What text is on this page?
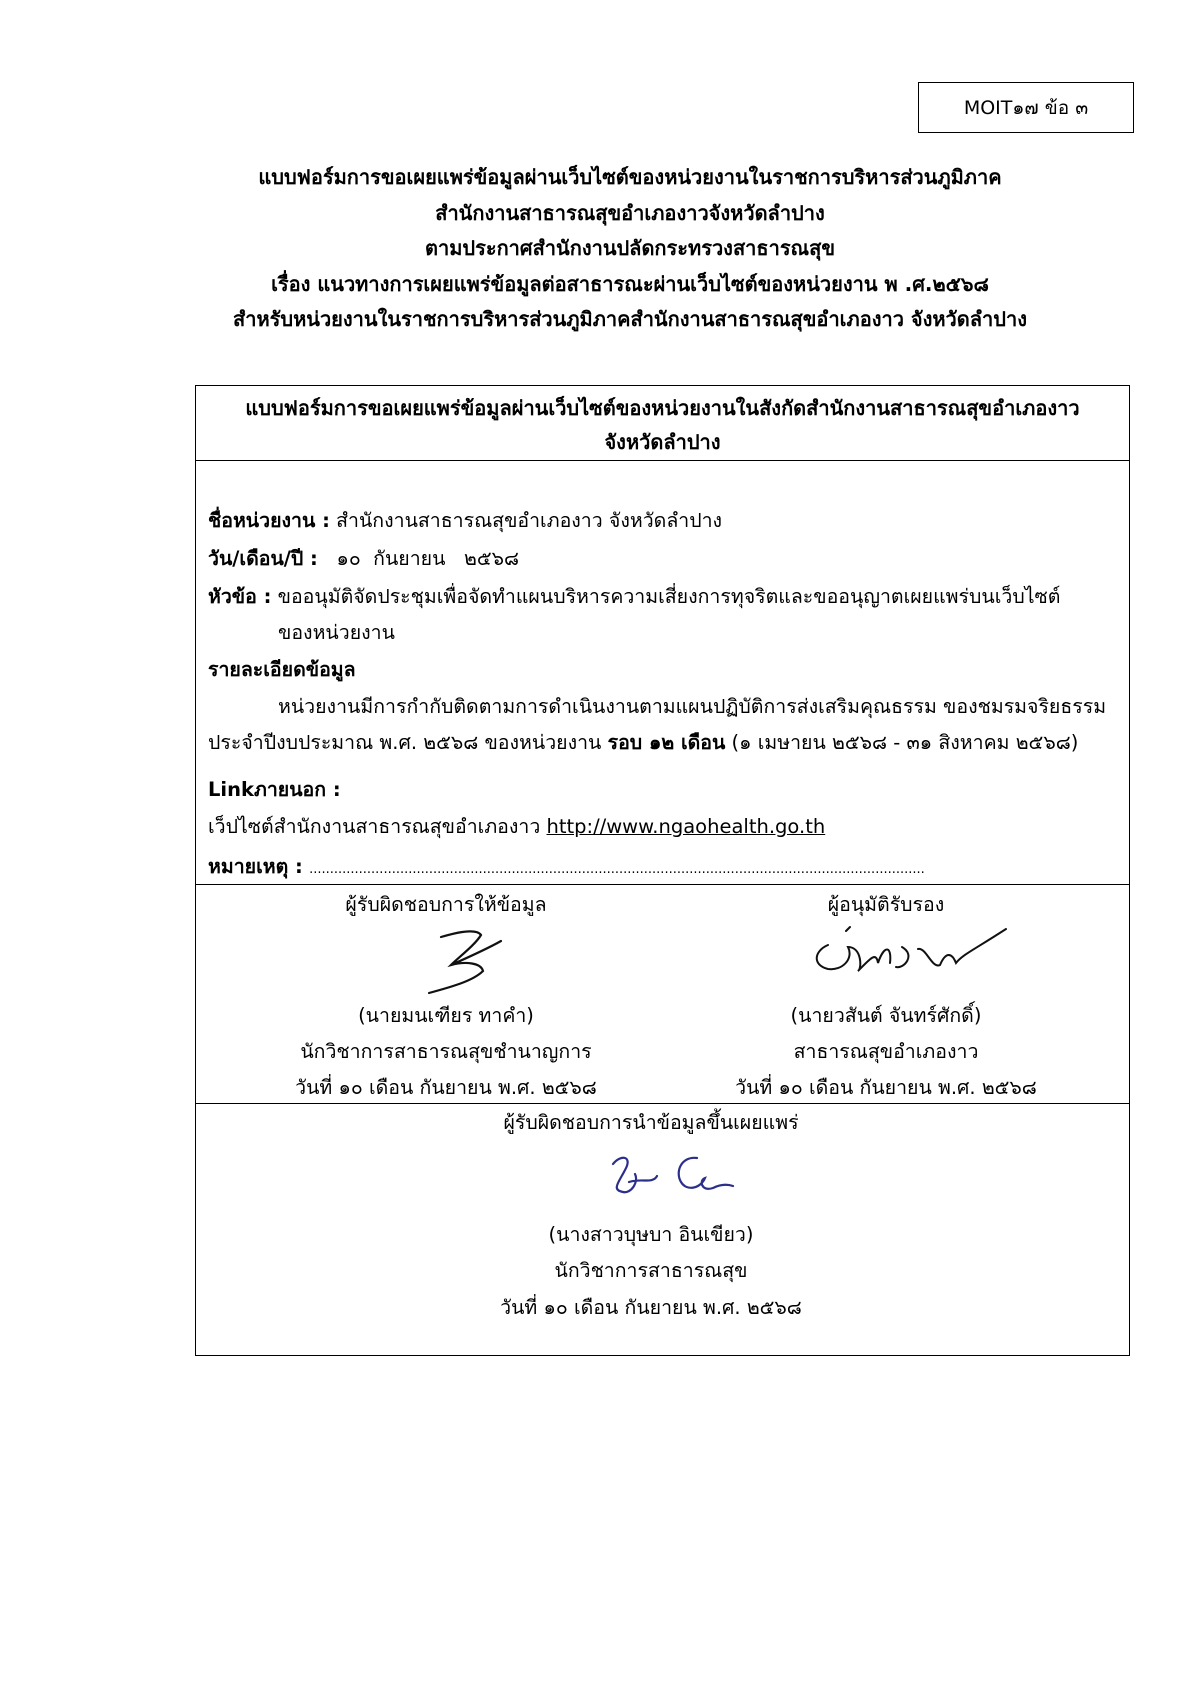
MOIT๑๗ ข้อ ๓
แบบฟอร์มการขอเผยแพร่ข้อมูลผ่านเว็บไซต์ของหน่วยงานในราชการบริหารส่วนภูมิภาค
สำนักงานสาธารณสุขอำเภองาวจังหวัดลำปาง
ตามประกาศสำนักงานปลัดกระทรวงสาธารณสุข
เรื่อง แนวทางการเผยแพร่ข้อมูลต่อสาธารณะผ่านเว็บไซต์ของหน่วยงาน พ .ศ.๒๕๖๘
สำหรับหน่วยงานในราชการบริหารส่วนภูมิภาคสำนักงานสาธารณสุขอำเภองาว จังหวัดลำปาง
แบบฟอร์มการขอเผยแพร่ข้อมูลผ่านเว็บไซต์ของหน่วยงานในสังกัดสำนักงานสาธารณสุขอำเภองาว
จังหวัดลำปาง
ชื่อหน่วยงาน : สำนักงานสาธารณสุขอำเภองาว จังหวัดลำปาง
วัน/เดือน/ปี :   ๑๐  กันยายน   ๒๕๖๘
หัวข้อ : ขออนุมัติจัดประชุมเพื่อจัดทำแผนบริหารความเสี่ยงการทุจริตและขออนุญาตเผยแพร่บนเว็บไซต์
ของหน่วยงาน
รายละเอียดข้อมูล
หน่วยงานมีการกำกับติดตามการดำเนินงานตามแผนปฏิบัติการส่งเสริมคุณธรรม ของชมรมจริยธรรม
ประจำปีงบประมาณ พ.ศ. ๒๕๖๘ ของหน่วยงาน รอบ ๑๒ เดือน (๑ เมษายน ๒๕๖๘ - ๓๑ สิงหาคม ๒๕๖๘)
Linkภายนอก :
เว็ปไซต์สำนักงานสาธารณสุขอำเภองาว http://www.ngaohealth.go.th
หมายเหตุ : .....................................................................................................................................................
ผู้รับผิดชอบการให้ข้อมูล
(นายมนเฑียร ทาคำ)
นักวิชาการสาธารณสุขชำนาญการ
วันที่ ๑๐ เดือน กันยายน พ.ศ. ๒๕๖๘
ผู้อนุมัติรับรอง
(นายวสันต์ จันทร์ศักดิ์)
สาธารณสุขอำเภองาว
วันที่ ๑๐ เดือน กันยายน พ.ศ. ๒๕๖๘
ผู้รับผิดชอบการนำข้อมูลขึ้นเผยแพร่
(นางสาวบุษบา อินเขียว)
นักวิชาการสาธารณสุข
วันที่ ๑๐ เดือน กันยายน พ.ศ. ๒๕๖๘
